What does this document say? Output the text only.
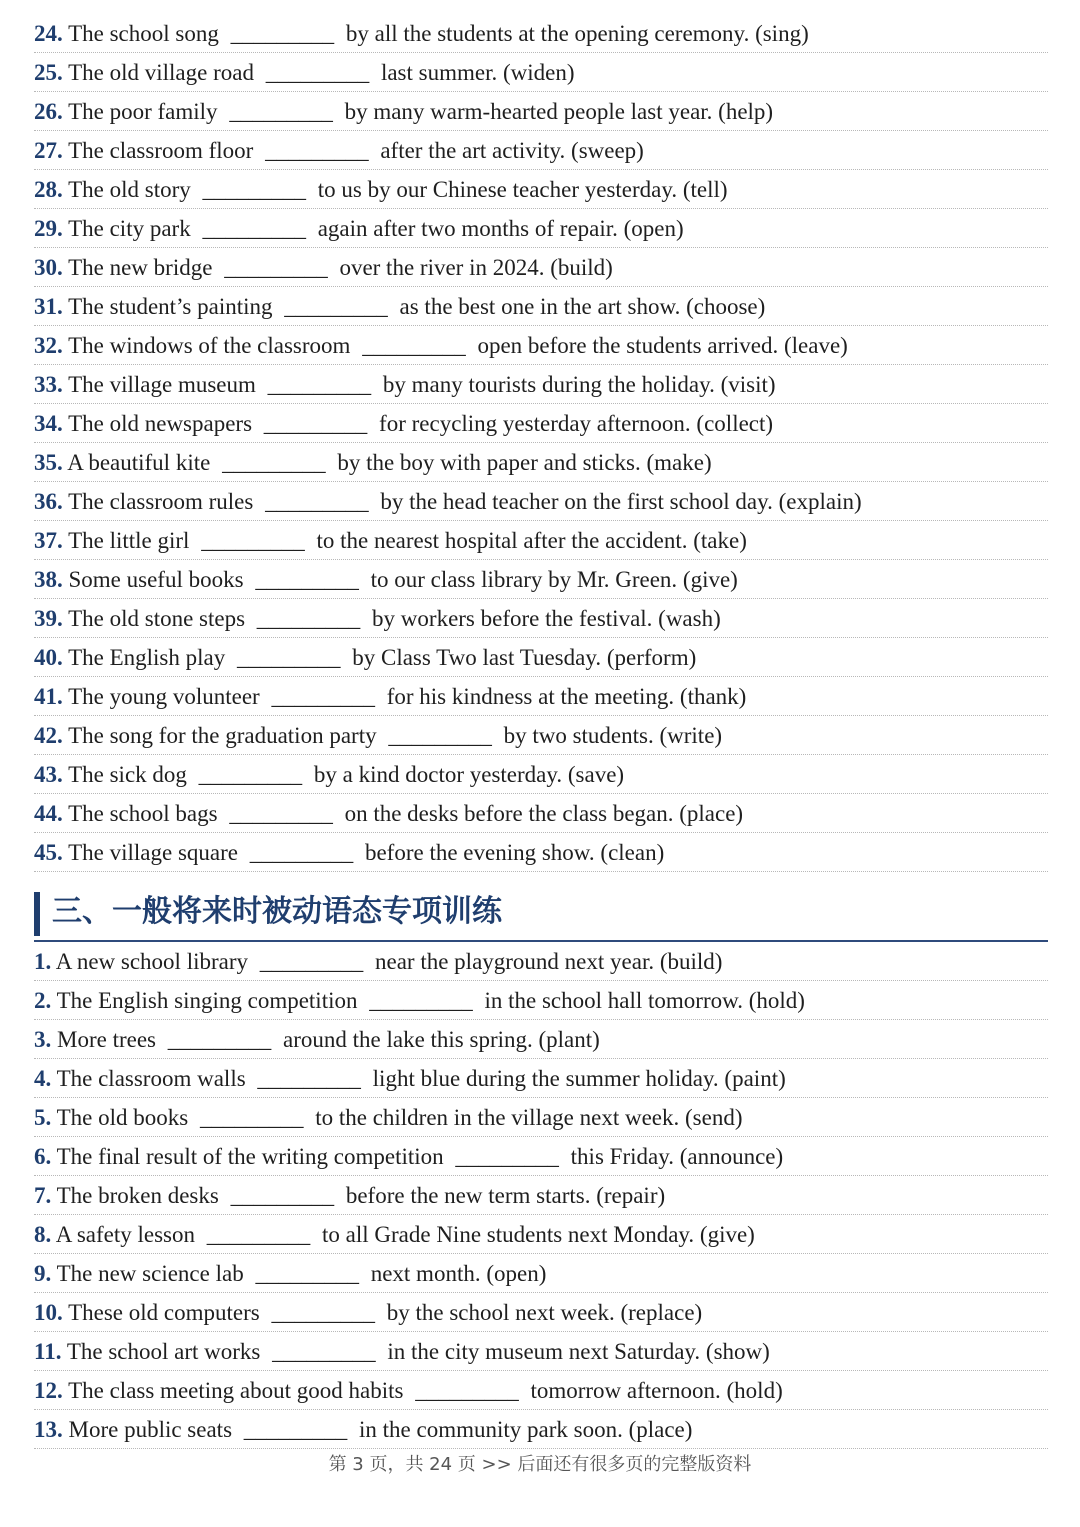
24. The school song _________ by all the students at the opening ceremony. (sing)
25. The old village road _________ last summer. (widen)
26. The poor family _________ by many warm-hearted people last year. (help)
27. The classroom floor _________ after the art activity. (sweep)
28. The old story _________ to us by our Chinese teacher yesterday. (tell)
29. The city park _________ again after two months of repair. (open)
30. The new bridge _________ over the river in 2024. (build)
31. The student’s painting _________ as the best one in the art show. (choose)
32. The windows of the classroom _________ open before the students arrived. (leave)
33. The village museum _________ by many tourists during the holiday. (visit)
34. The old newspapers _________ for recycling yesterday afternoon. (collect)
35. A beautiful kite _________ by the boy with paper and sticks. (make)
36. The classroom rules _________ by the head teacher on the first school day. (explain)
37. The little girl _________ to the nearest hospital after the accident. (take)
38. Some useful books _________ to our class library by Mr. Green. (give)
39. The old stone steps _________ by workers before the festival. (wash)
40. The English play _________ by Class Two last Tuesday. (perform)
41. The young volunteer _________ for his kindness at the meeting. (thank)
42. The song for the graduation party _________ by two students. (write)
43. The sick dog _________ by a kind doctor yesterday. (save)
44. The school bags _________ on the desks before the class began. (place)
45. The village square _________ before the evening show. (clean)
三、一般将来时被动语态专项训练
1. A new school library _________ near the playground next year. (build)
2. The English singing competition _________ in the school hall tomorrow. (hold)
3. More trees _________ around the lake this spring. (plant)
4. The classroom walls _________ light blue during the summer holiday. (paint)
5. The old books _________ to the children in the village next week. (send)
6. The final result of the writing competition _________ this Friday. (announce)
7. The broken desks _________ before the new term starts. (repair)
8. A safety lesson _________ to all Grade Nine students next Monday. (give)
9. The new science lab _________ next month. (open)
10. These old computers _________ by the school next week. (replace)
11. The school art works _________ in the city museum next Saturday. (show)
12. The class meeting about good habits _________ tomorrow afternoon. (hold)
13. More public seats _________ in the community park soon. (place)
第 3 页，共 24 页 >> 后面还有很多页的完整版资料
